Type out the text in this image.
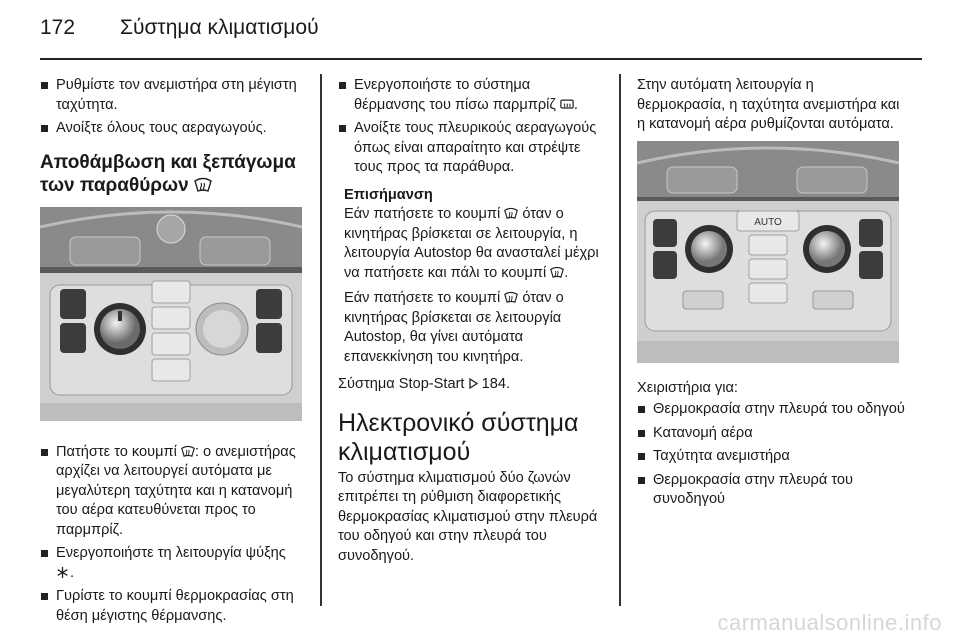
172 Σύστημα κλιματισμού
Ρυθμίστε τον ανεμιστήρα στη μέγιστη ταχύτητα.
Ανοίξτε όλους τους αεραγωγούς.
Αποθάμβωση και ξεπάγωμα
των παραθύρων
Πατήστε το κουμπί
: ο ανεμιστήρας αρχίζει να λειτουργεί αυτόματα με μεγαλύτερη ταχύτητα και η κατανομή του αέρα κατευθύνεται προς το παρμπρίζ.
Ενεργοποιήστε τη λειτουργία ψύξης
.
Γυρίστε το κουμπί θερμοκρασίας στη θέση μέγιστης θέρμανσης.
Ενεργοποιήστε το σύστημα θέρμανσης του πίσω παρμπρίζ
.
Ανοίξτε τους πλευρικούς αεραγωγούς όπως είναι απαραίτητο και στρέψτε τους προς τα παράθυρα.
Επισήμανση

Εάν πατήσετε το κουμπί
όταν ο κινητήρας βρίσκεται σε λειτουργία, η λειτουργία Autostop θα ανασταλεί μέχρι να πατήσετε και πάλι το κουμπί
.

Εάν πατήσετε το κουμπί
όταν ο κινητήρας βρίσκεται σε λειτουργία Autostop, θα γίνει αυτόματα επανεκκίνηση του κινητήρα.

Σύστημα Stop-Start  184.

Ηλεκτρονικό σύστημα
κλιματισμού

Το σύστημα κλιματισμού δύο ζωνών επιτρέπει τη ρύθμιση διαφορετικής θερμοκρασίας κλιματισμού στην πλευρά του οδηγού και στην πλευρά του συνοδηγού.

Στην αυτόματη λειτουργία η θερμοκρασία, η ταχύτητα ανεμιστήρα και η κατανομή αέρα ρυθμίζονται αυτόματα.

AUTO

Χειριστήρια για:

Θερμοκρασία στην πλευρά του οδηγού
Κατανομή αέρα
Ταχύτητα ανεμιστήρα
Θερμοκρασία στην πλευρά του συνοδηγού
carmanualsonline.info
